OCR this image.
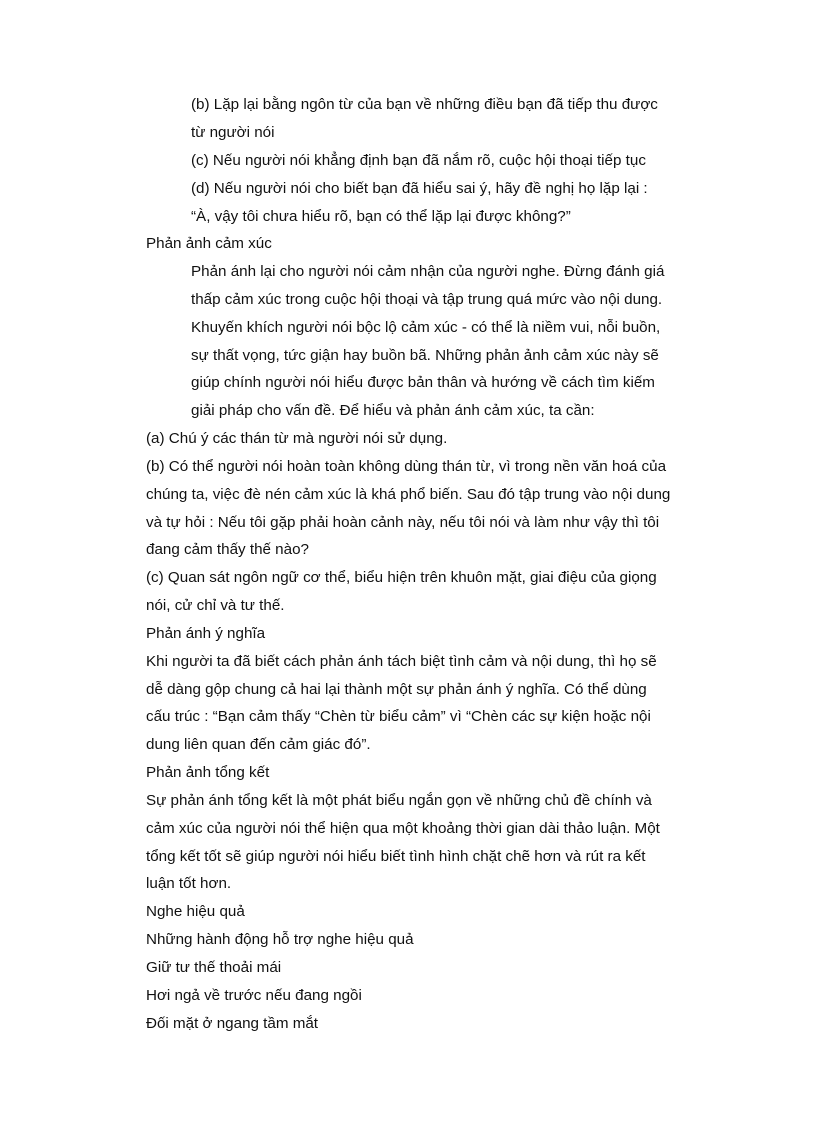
(b) Lặp lại bằng ngôn từ của bạn về những điều bạn đã tiếp thu được
từ người nói
(c) Nếu người nói khẳng định bạn đã nắm rõ, cuộc hội thoại tiếp tục
(d) Nếu người nói cho biết bạn đã hiểu sai ý, hãy đề nghị họ lặp lại :
“À, vậy tôi chưa hiểu rõ, bạn có thể lặp lại được không?”
Phản ảnh cảm xúc
Phản ánh lại cho người nói cảm nhận của người nghe. Đừng đánh giá
thấp cảm xúc trong cuộc hội thoại và tập trung quá mức vào nội dung.
Khuyến khích người nói bộc lộ cảm xúc - có thể là niềm vui, nỗi buồn,
sự thất vọng, tức giận hay buồn bã. Những phản ảnh cảm xúc này sẽ
giúp chính người nói hiểu được bản thân và hướng về cách tìm kiếm
giải pháp cho vấn đề. Để hiểu và phản ánh cảm xúc, ta cần:
(a) Chú ý các thán từ mà người nói sử dụng.
(b) Có thể người nói hoàn toàn không dùng thán từ, vì trong nền văn hoá của
chúng ta, việc đè nén cảm xúc là khá phổ biến. Sau đó tập trung vào nội dung
và tự hỏi : Nếu tôi gặp phải hoàn cảnh này, nếu tôi nói và làm như vậy thì tôi
đang cảm thấy thế nào?
(c) Quan sát ngôn ngữ cơ thể, biểu hiện trên khuôn mặt, giai điệu của giọng
nói, cử chỉ và tư thế.
Phản ánh ý nghĩa
Khi người ta đã biết cách phản ánh tách biệt tình cảm và nội dung, thì họ sẽ
dễ dàng gộp chung cả hai lại thành một sự phản ánh ý nghĩa. Có thể dùng
cấu trúc : “Bạn cảm thấy “Chèn từ biểu cảm” vì “Chèn các sự kiện hoặc nội
dung liên quan đến cảm giác đó”.
Phản ảnh tổng kết
Sự phản ánh tổng kết là một phát biểu ngắn gọn về những chủ đề chính và
cảm xúc của người nói thể hiện qua một khoảng thời gian dài thảo luận. Một
tổng kết tốt sẽ giúp người nói hiểu biết tình hình chặt chẽ hơn và rút ra kết
luận tốt hơn.
Nghe hiệu quả
Những hành động hỗ trợ nghe hiệu quả
Giữ tư thế thoải mái
Hơi ngả về trước nếu đang ngồi
Đối mặt ở ngang tầm mắt
